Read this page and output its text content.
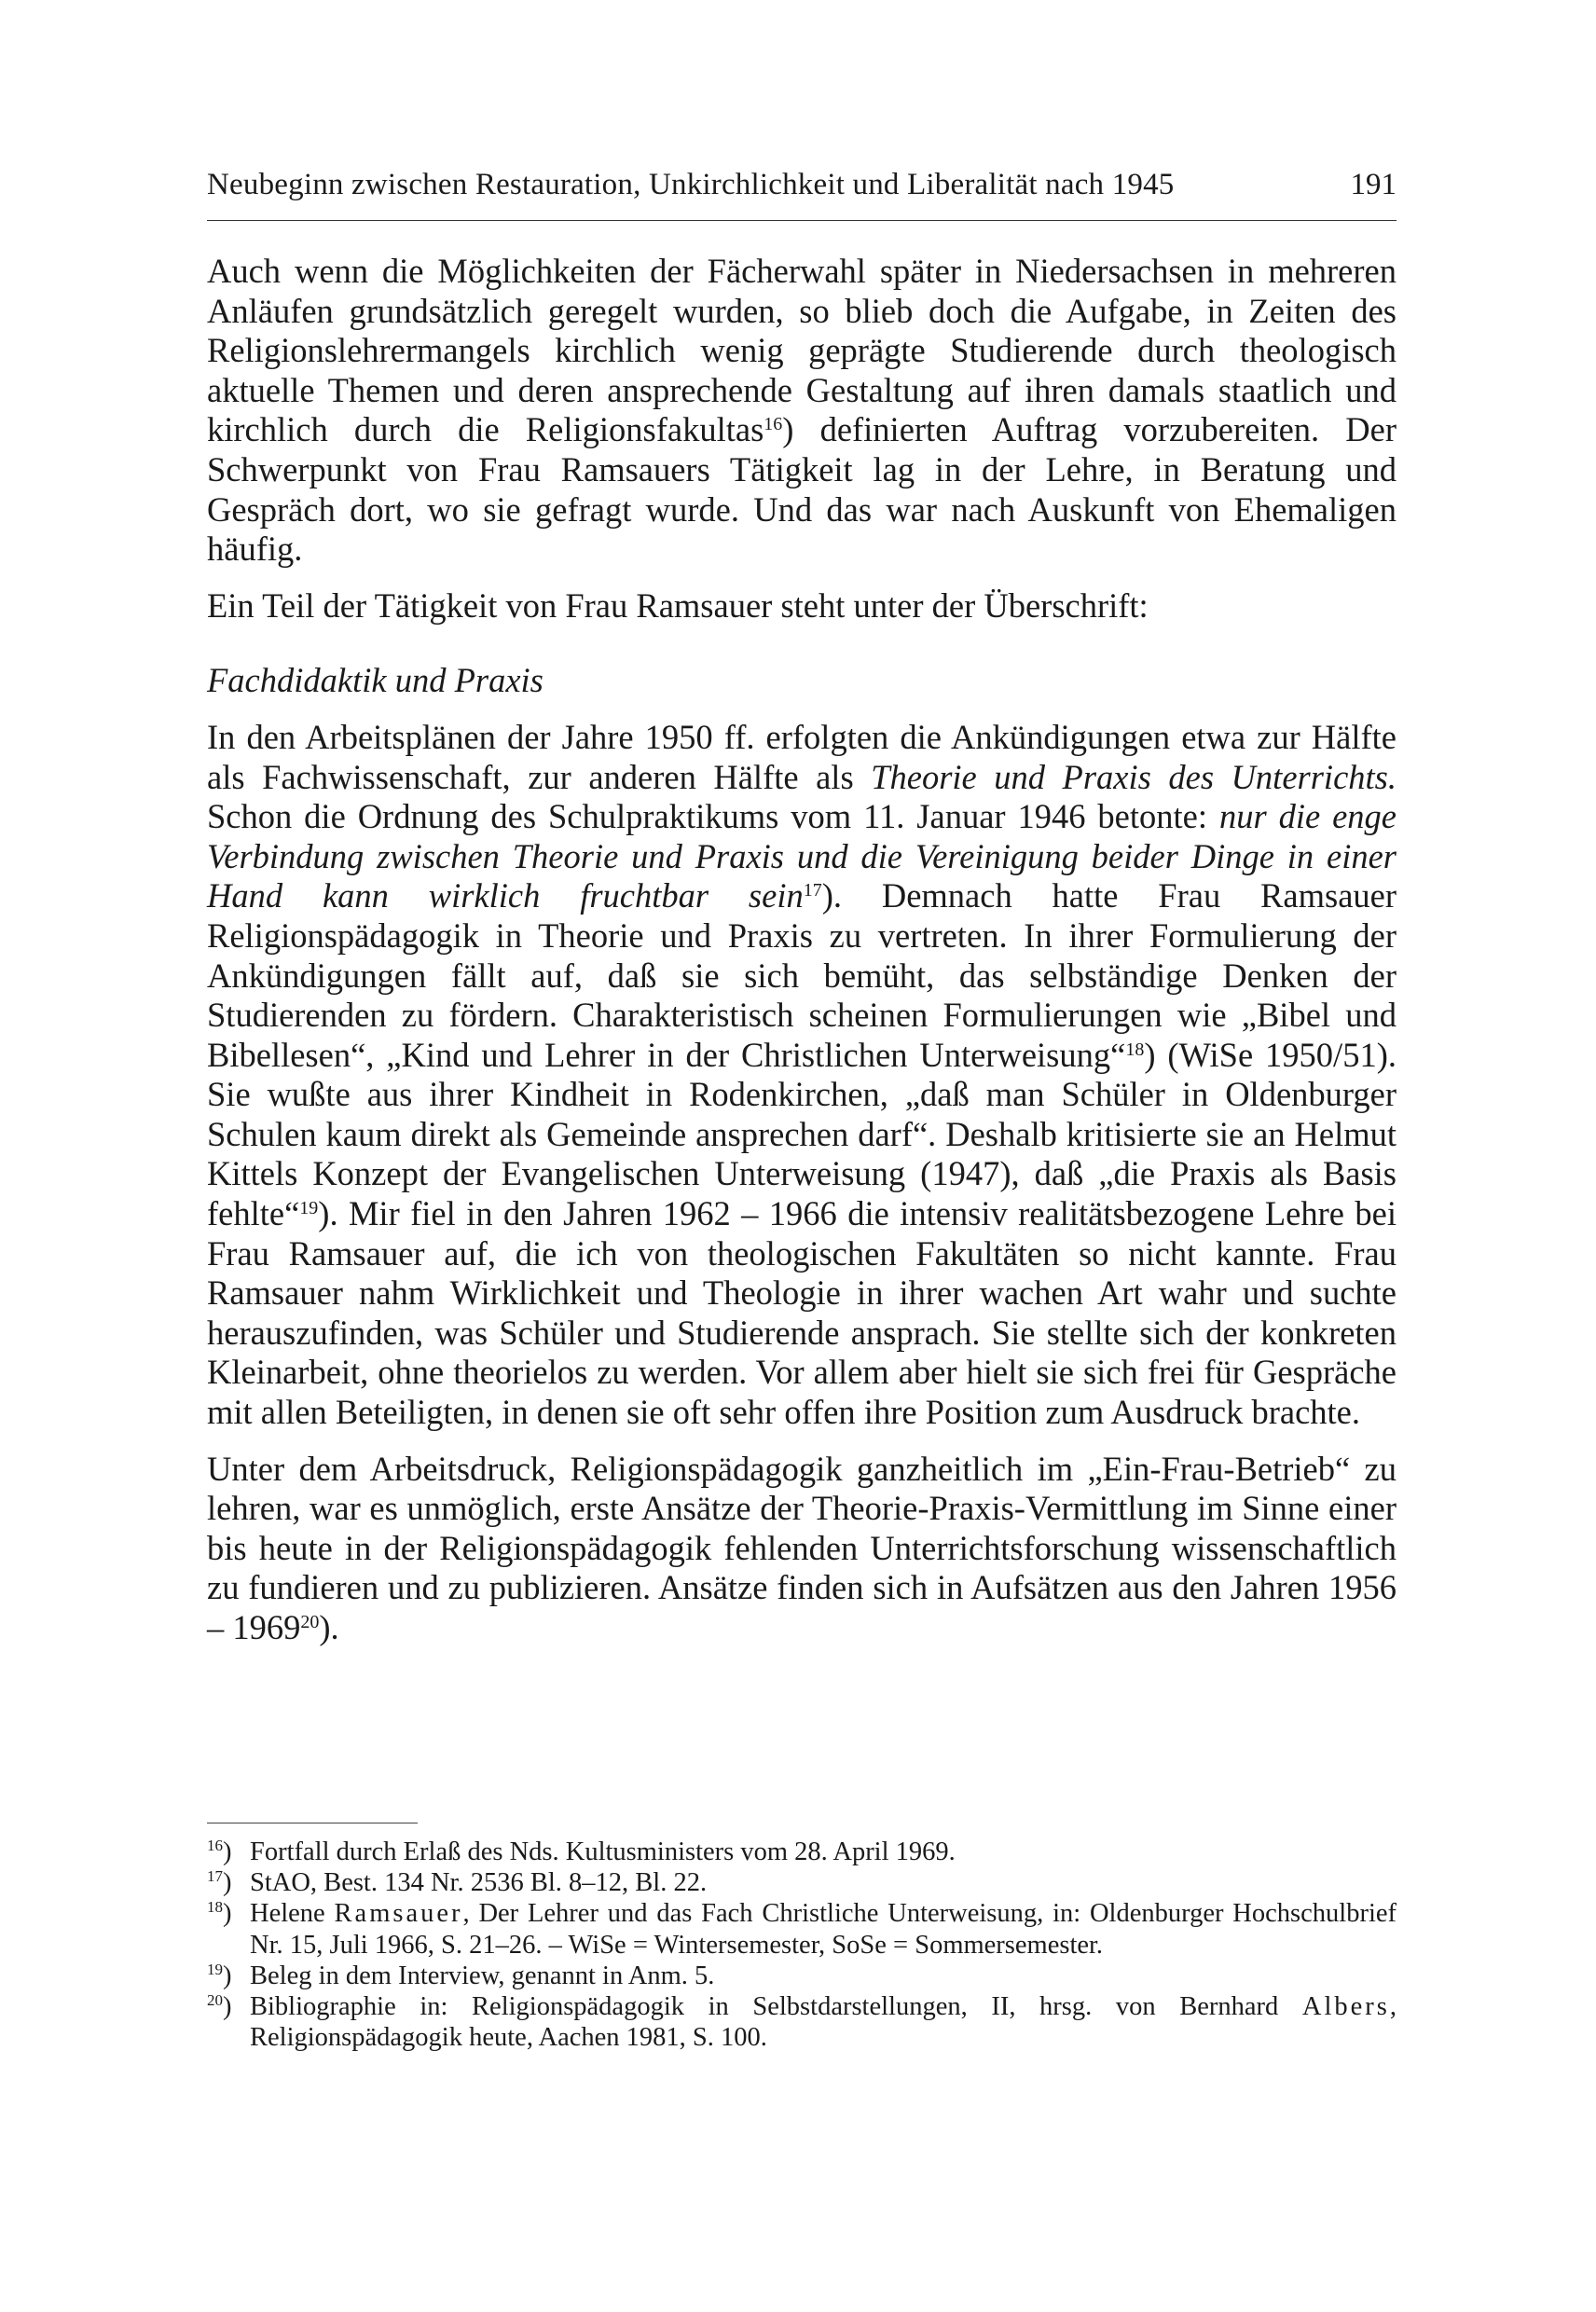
Neubeginn zwischen Restauration, Unkirchlichkeit und Liberalität nach 1945	191

Auch wenn die Möglichkeiten der Fächerwahl später in Niedersachsen in mehreren Anläufen grundsätzlich geregelt wurden, so blieb doch die Aufgabe, in Zeiten des Religionslehrermangels kirchlich wenig geprägte Studierende durch theologisch aktuelle Themen und deren ansprechende Gestaltung auf ihren damals staatlich und kirchlich durch die Religionsfakultas$^{16}$) definierten Auftrag vorzubereiten. Der Schwerpunkt von Frau Ramsauers Tätigkeit lag in der Lehre, in Beratung und Gespräch dort, wo sie gefragt wurde. Und das war nach Auskunft von Ehemaligen häufig.

Ein Teil der Tätigkeit von Frau Ramsauer steht unter der Überschrift:

Fachdidaktik und Praxis

In den Arbeitsplänen der Jahre 1950 ff. erfolgten die Ankündigungen etwa zur Hälfte als Fachwissenschaft, zur anderen Hälfte als Theorie und Praxis des Unterrichts. Schon die Ordnung des Schulpraktikums vom 11. Januar 1946 betonte: nur die enge Verbindung zwischen Theorie und Praxis und die Vereinigung beider Dinge in einer Hand kann wirklich fruchtbar sein$^{17}$). Demnach hatte Frau Ramsauer Religionspädagogik in Theorie und Praxis zu vertreten. In ihrer Formulierung der Ankündigungen fällt auf, daß sie sich bemüht, das selbständige Denken der Studierenden zu fördern. Charakteristisch scheinen Formulierungen wie „Bibel und Bibellesen“, „Kind und Lehrer in der Christlichen Unterweisung“$^{18}$) (WiSe 1950/51). Sie wußte aus ihrer Kindheit in Rodenkirchen, „daß man Schüler in Oldenburger Schulen kaum direkt als Gemeinde ansprechen darf“. Deshalb kritisierte sie an Helmut Kittels Konzept der Evangelischen Unterweisung (1947), daß „die Praxis als Basis fehlte“$^{19}$). Mir fiel in den Jahren 1962 – 1966 die intensiv realitätsbezogene Lehre bei Frau Ramsauer auf, die ich von theologischen Fakultäten so nicht kannte. Frau Ramsauer nahm Wirklichkeit und Theologie in ihrer wachen Art wahr und suchte herauszufinden, was Schüler und Studierende ansprach. Sie stellte sich der konkreten Kleinarbeit, ohne theorielos zu werden. Vor allem aber hielt sie sich frei für Gespräche mit allen Beteiligten, in denen sie oft sehr offen ihre Position zum Ausdruck brachte.

Unter dem Arbeitsdruck, Religionspädagogik ganzheitlich im „Ein-Frau-Betrieb“ zu lehren, war es unmöglich, erste Ansätze der Theorie-Praxis-Vermittlung im Sinne einer bis heute in der Religionspädagogik fehlenden Unterrichtsforschung wissenschaftlich zu fundieren und zu publizieren. Ansätze finden sich in Aufsätzen aus den Jahren 1956 – 1969$^{20}$).

$^{16}$) Fortfall durch Erlaß des Nds. Kultusministers vom 28. April 1969.
$^{17}$) StAO, Best. 134 Nr. 2536 Bl. 8–12, Bl. 22.
$^{18}$) Helene Ramsauer, Der Lehrer und das Fach Christliche Unterweisung, in: Oldenburger Hochschulbrief Nr. 15, Juli 1966, S. 21–26. – WiSe = Wintersemester, SoSe = Sommersemester.
$^{19}$) Beleg in dem Interview, genannt in Anm. 5.
$^{20}$) Bibliographie in: Religionspädagogik in Selbstdarstellungen, II, hrsg. von Bernhard Albers, Religionspädagogik heute, Aachen 1981, S. 100.
